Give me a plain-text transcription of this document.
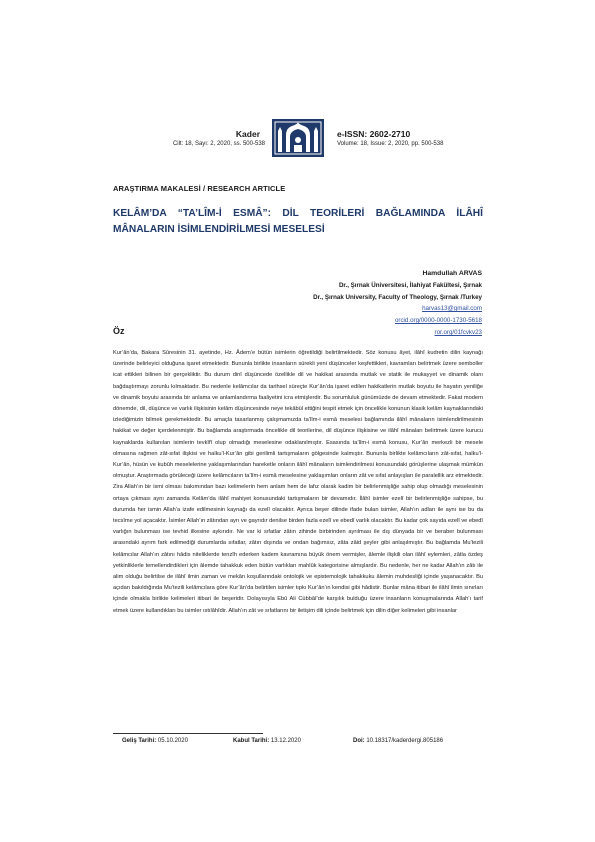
Kader
Cilt: 18, Sayı: 2, 2020, ss. 500-538
e-ISSN: 2602-2710
Volume: 18, Issue: 2, 2020, pp. 500-538
ARAŞTIRMA MAKALESİ / RESEARCH ARTICLE
KELÂM’DA “TA’LÎM-İ ESMÂ”: DİL TEORİLERİ BAĞLAMINDA İLÂHÎ MÂNALARIN İSİMLENDİRİLMESİ MESELESİ
Hamdullah ARVAS
Dr., Şırnak Üniversitesi, İlahiyat Fakültesi, Şırnak
Dr., Şırnak University, Faculty of Theology, Şırnak /Turkey
harvas13@gmail.com
orcid.org/0000-0000-1730-5618
ror.org/01fcvkv23
Öz
Kur’ân’da, Bakara Sûresinin 31. ayetinde, Hz. Âdem’e bütün isimlerin öğretildiği belirtilmektedir. Söz konusu âyet, ilâhî kudretin dilin kaynağı üzerinde belirleyici olduğuna işaret etmektedir. Bununla birlikte insanların sürekli yeni düşünceler keşfettikleri, kavramları belirtmek üzere semboller icat ettikleri bilinen bir gerçekliktir. Bu durum dinî düşüncede özellikle dil ve hakikat arasında mutlak ve statik ile mukayyet ve dinamik olanı bağdaştırmayı zorunlu kılmaktadır. Bu nedenle kelâmcılar da tarihsel süreçte Kur’ân’da işaret edilen hakikatlerin mutlak boyutu ile hayatın yeniliğe ve dinamik boyutu arasında bir anlama ve anlamlandırma faaliyetini icra etmişlerdir. Bu sorumluluk günümüzde de devam etmektedir. Fakat modern dönemde, dil, düşünce ve varlık ilişkisinin kelâm düşüncesinde neye tekâbül ettiğini tespit etmek için öncelikle konunun klasik kelâm kaynaklarındaki izlediğimizin bilmek gerekmektedir. Bu amaçla tasarlanmış çalışmamızda ta’lîm-i esmâ meselesi bağlamında ilâhî mânaların isimlendirilmesinin hakikat ve değer içerdelenmiştir. Bu bağlamda araştırmada öncelikle dil teorilerine, dil düşünce ilişkisine ve ilâhî mânaları belirtmek üzere kurucu kaynaklarda kullanılan isimlerin tevkîfî olup olmadığı meselesine odaklanılmıştır. Esasında ta’lîm-i esmâ konusu, Kur’ân merkezli bir mesele olmasına rağmen zât-sıfat ilişkisi ve halku’l-Kur’ân gibi gerilimli tartışmaların gölgesinde kalmıştır. Bununla birlikte kelâmcıların zât-sıfat, halku’l-Kur’ân, hüsün ve kubûh meselelerine yaklaşımlarından hareketle onların ilâhî mânaların isimlendirilmesi konusundaki görüşlerine ulaşmak mümkün olmuştur. Araştırmada görüleceği üzere kelâmcıların ta’lîm-i esmâ meselesine yaklaşımları onların zât ve sıfat anlayışları ile paralellik arz etmektedir. Zira Allah’ın bir ismi olması bakımından bazı kelimelerin hem anlam hem de lafız olarak kadim bir belirlenmişliğe sahip olup olmadığı meselesinin ortaya çıkması aynı zamanda Kelâm’da ilâhî mahiyet konusundaki tartışmaların bir devamıdır. İlâhî isimler ezelî bir belirlenmişliğe sahipse, bu durumda her ismin Allah’a izafe edilmesinin kaynağı da ezelî olacaktır. Ayrıca beşer dilinde ifade bulan isimler, Allah’ın adları ile aynı ise bu da tecsîme yol açacaktır. İsimler Allah’ın zâtından ayrı ve gayrıdır denilse birden fazla ezelî ve ebedî varlık olacaktır. Bu kadar çok sayıda ezelî ve ebedî varlığın bulunması ise tevhid ilkesine aykırıdır. Ne var ki sıfatlar zâtın zihinde birbirinden ayrılması ile dış dünyada bir ve beraber bulunması arasındaki ayrım fark edilmediği durumlarda sıfatlar, zâtın dışında ve ondan bağımsız, zâta zâid şeyler gibi anlaşılmıştır. Bu bağlamda Mu’tezili kelâmcılar Allah’ın zâtını hâdis niteliklerde tenzîh ederken kadem kavramına büyük önem vermişler, âlemle ilişkili olan ilâhî eylemleri, zâtla özdeş yetkinliklerle temellendirdikleri için âlemde tahakkuk eden bütün varlıkları mahlûk kategorisine almışlardır. Bu nedenle, her ne kadar Allah’ın zâtı ile alim olduğu belirtilse de ilâhî ilmin zaman ve mekân koşullarındaki ontolojik ve epistemolojik tahakkuku âlemin muhdesliği içinde yaşanacaktır. Bu açıdan bakıldığında Mu’tezili kelâmcılara göre Kur’ân’da belirtilen isimler tıpkı Kur’ân’ın kendisi gibi hâdistir. Bunlar mâna itibari ile ilâhî ilmin sınırları içinde olmakla birlikte kelimeleri itibari ile beşeridir. Dolayısıyla Ebû Ali Cübbâî’de karşılık bulduğu üzere insanların konuşmalarında Allah’ı tarif etmek üzere kullandıkları bu isimler ıstılâhîdir. Allah’ın zât ve sıfatlarını bir iletişim dili içinde belirtmek için dilin diğer kelimeleri gibi insanlar
Geliş Tarihi: 05.10.2020	Kabul Tarihi: 13.12.2020	Doi: 10.18317/kaderdergi.805186
